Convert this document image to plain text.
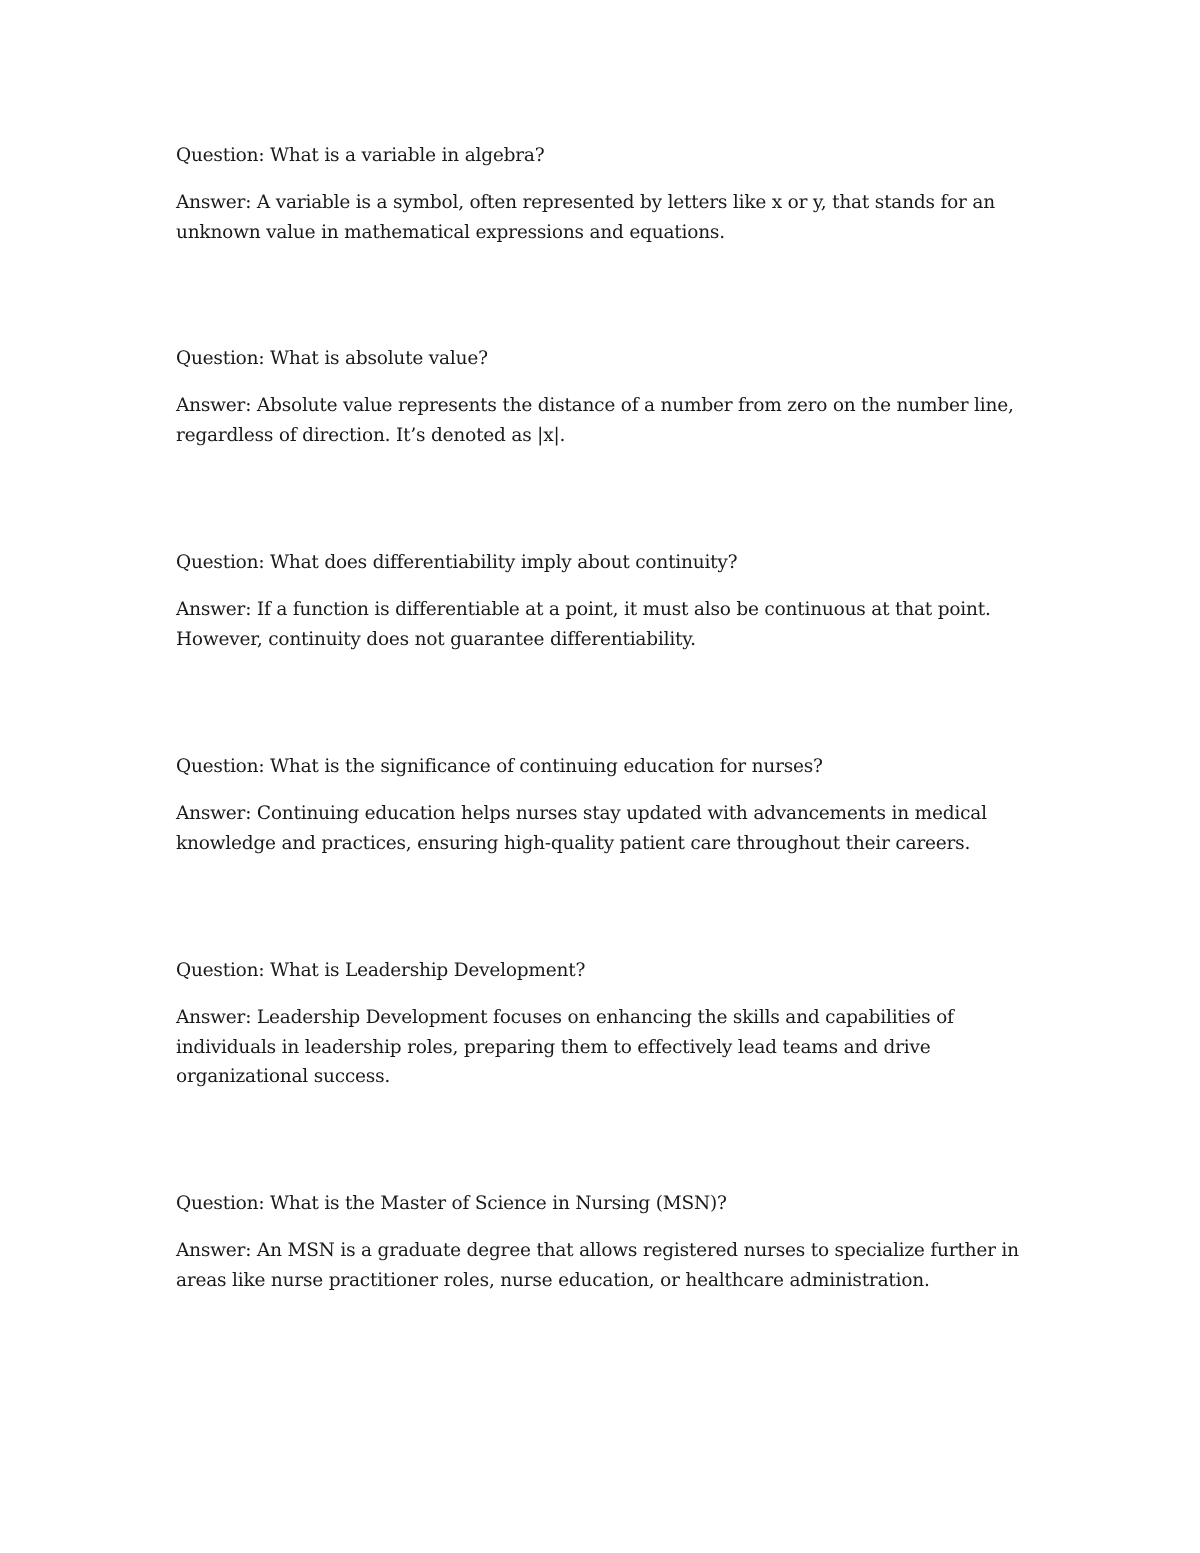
Question: What is a variable in algebra?

Answer: A variable is a symbol, often represented by letters like x or y, that stands for an unknown value in mathematical expressions and equations.

Question: What is absolute value?

Answer: Absolute value represents the distance of a number from zero on the number line, regardless of direction. It’s denoted as |x|.

Question: What does differentiability imply about continuity?

Answer: If a function is differentiable at a point, it must also be continuous at that point. However, continuity does not guarantee differentiability.

Question: What is the significance of continuing education for nurses?

Answer: Continuing education helps nurses stay updated with advancements in medical knowledge and practices, ensuring high-quality patient care throughout their careers.

Question: What is Leadership Development?

Answer: Leadership Development focuses on enhancing the skills and capabilities of individuals in leadership roles, preparing them to effectively lead teams and drive organizational success.

Question: What is the Master of Science in Nursing (MSN)?

Answer: An MSN is a graduate degree that allows registered nurses to specialize further in areas like nurse practitioner roles, nurse education, or healthcare administration.
